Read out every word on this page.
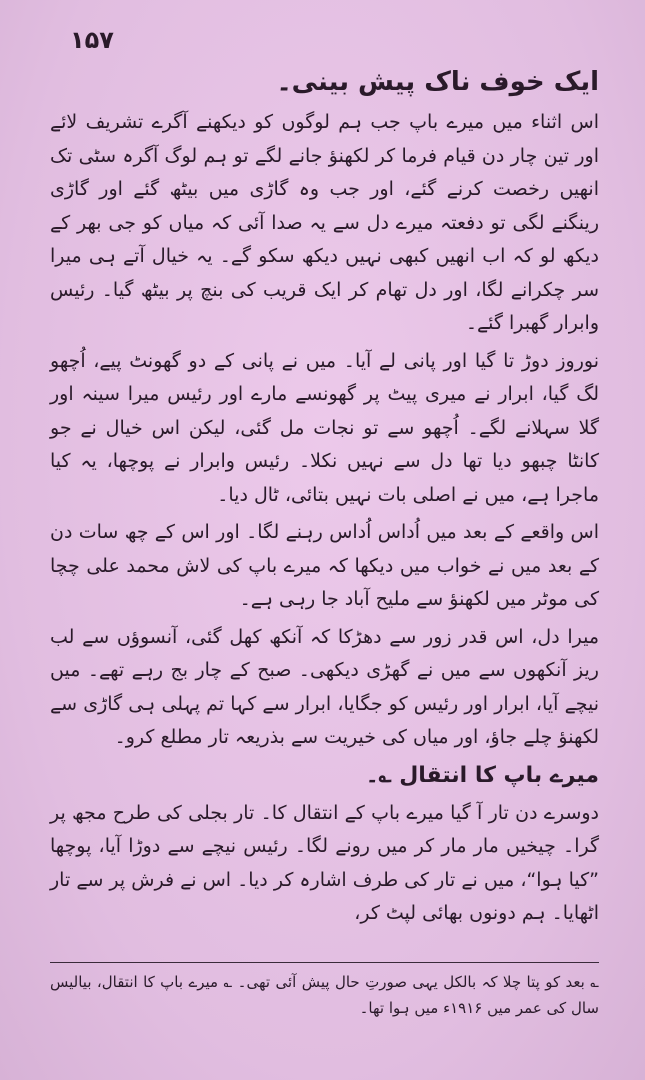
۱۵۷
ایک خوف ناک پیش بینی۔

اس اثناء میں میرے باپ جب ہم لوگوں کو دیکھنے آگرے تشریف لائے اور تین چار دن قیام فرما کر لکھنؤ جانے لگے تو ہم لوگ آگرہ سٹی تک انھیں رخصت کرنے گئے، اور جب وہ گاڑی میں بیٹھ گئے اور گاڑی رینگنے لگی تو دفعتہ میرے دل سے یہ صدا آئی کہ میاں کو جی بھر کے دیکھ لو کہ اب انھیں کبھی نہیں دیکھ سکو گے۔ یہ خیال آتے ہی میرا سر چکرانے لگا، اور دل تھام کر ایک قریب کی بنچ پر بیٹھ گیا۔ رئیس وابرار گھبرا گئے۔

نوروز دوڑ تا گیا اور پانی لے آیا۔ میں نے پانی کے دو گھونٹ پیے، اُچھو لگ گیا، ابرار نے میری پیٹ پر گھونسے مارے اور رئیس میرا سینہ اور گلا سہلانے لگے۔ اُچھو سے تو نجات مل گئی، لیکن اس خیال نے جو کانٹا چبھو دیا تھا دل سے نہیں نکلا۔ رئیس وابرار نے پوچھا، یہ کیا ماجرا ہے، میں نے اصلی بات نہیں بتائی، ٹال دیا۔

اس واقعے کے بعد میں اُداس اُداس رہنے لگا۔ اور اس کے چھ سات دن کے بعد میں نے خواب میں دیکھا کہ میرے باپ کی لاش محمد علی چچا کی موٹر میں لکھنؤ سے ملیح آباد جا رہی ہے۔

میرا دل، اس قدر زور سے دھڑکا کہ آنکھ کھل گئی، آنسوؤں سے لب ریز آنکھوں سے میں نے گھڑی دیکھی۔ صبح کے چار بج رہے تھے۔ میں نیچے آیا، ابرار اور رئیس کو جگایا، ابرار سے کہا تم پہلی ہی گاڑی سے لکھنؤ چلے جاؤ، اور میاں کی خیریت سے بذریعہ تار مطلع کرو۔

میرے باپ کا انتقال ؎۔

دوسرے دن تار آ گیا میرے باپ کے انتقال کا۔ تار بجلی کی طرح مجھ پر گرا۔ چیخیں مار مار کر میں رونے لگا۔ رئیس نیچے سے دوڑا آیا، پوچھا ”کیا ہوا“، میں نے تار کی طرف اشارہ کر دیا۔ اس نے فرش پر سے تار اٹھایا۔ ہم دونوں بھائی لپٹ کر،

؎ بعد کو پتا چلا کہ بالکل یہی صورتِ حال پیش آئی تھی۔ ؎ میرے باپ کا انتقال، بیالیس سال کی عمر میں ۱۹۱۶ء میں ہوا تھا۔
